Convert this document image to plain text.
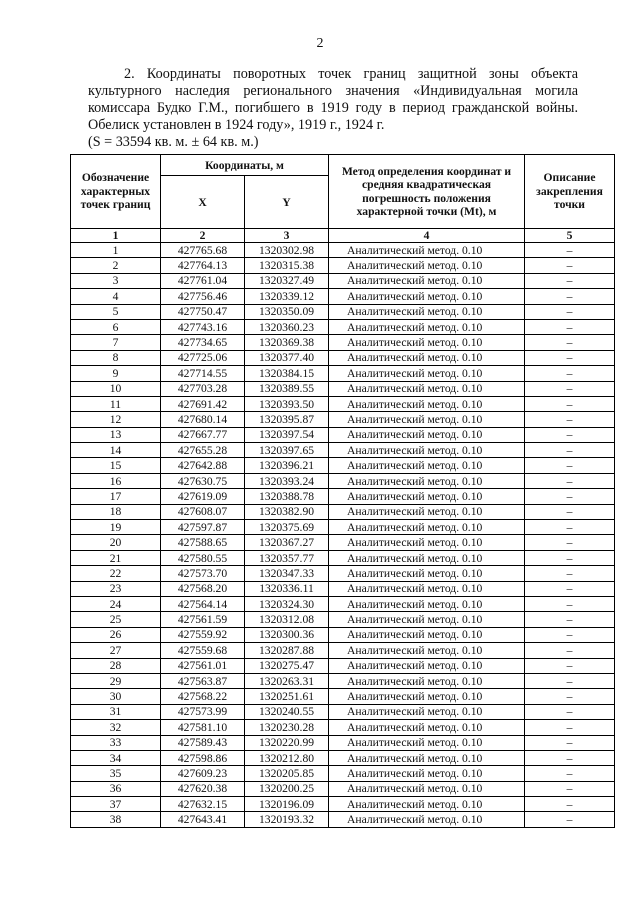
2
2. Координаты поворотных точек границ защитной зоны объекта культурного наследия регионального значения «Индивидуальная могила комиссара Будко Г.М., погибшего в 1919 году в период гражданской войны. Обелиск установлен в 1924 году», 1919 г., 1924 г.
(S = 33594 кв. м. ± 64 кв. м.)
Обозначение характерных точек границ	Координаты, м		Метод определения координат и средняя квадратическая погрешность положения характерной точки (Mt), м	Описание закрепления точки
	X	Y		
1	2	3	4	5
1	427765.68	1320302.98	Аналитический метод. 0.10	–
2	427764.13	1320315.38	Аналитический метод. 0.10	–
3	427761.04	1320327.49	Аналитический метод. 0.10	–
4	427756.46	1320339.12	Аналитический метод. 0.10	–
5	427750.47	1320350.09	Аналитический метод. 0.10	–
6	427743.16	1320360.23	Аналитический метод. 0.10	–
7	427734.65	1320369.38	Аналитический метод. 0.10	–
8	427725.06	1320377.40	Аналитический метод. 0.10	–
9	427714.55	1320384.15	Аналитический метод. 0.10	–
10	427703.28	1320389.55	Аналитический метод. 0.10	–
11	427691.42	1320393.50	Аналитический метод. 0.10	–
12	427680.14	1320395.87	Аналитический метод. 0.10	–
13	427667.77	1320397.54	Аналитический метод. 0.10	–
14	427655.28	1320397.65	Аналитический метод. 0.10	–
15	427642.88	1320396.21	Аналитический метод. 0.10	–
16	427630.75	1320393.24	Аналитический метод. 0.10	–
17	427619.09	1320388.78	Аналитический метод. 0.10	–
18	427608.07	1320382.90	Аналитический метод. 0.10	–
19	427597.87	1320375.69	Аналитический метод. 0.10	–
20	427588.65	1320367.27	Аналитический метод. 0.10	–
21	427580.55	1320357.77	Аналитический метод. 0.10	–
22	427573.70	1320347.33	Аналитический метод. 0.10	–
23	427568.20	1320336.11	Аналитический метод. 0.10	–
24	427564.14	1320324.30	Аналитический метод. 0.10	–
25	427561.59	1320312.08	Аналитический метод. 0.10	–
26	427559.92	1320300.36	Аналитический метод. 0.10	–
27	427559.68	1320287.88	Аналитический метод. 0.10	–
28	427561.01	1320275.47	Аналитический метод. 0.10	–
29	427563.87	1320263.31	Аналитический метод. 0.10	–
30	427568.22	1320251.61	Аналитический метод. 0.10	–
31	427573.99	1320240.55	Аналитический метод. 0.10	–
32	427581.10	1320230.28	Аналитический метод. 0.10	–
33	427589.43	1320220.99	Аналитический метод. 0.10	–
34	427598.86	1320212.80	Аналитический метод. 0.10	–
35	427609.23	1320205.85	Аналитический метод. 0.10	–
36	427620.38	1320200.25	Аналитический метод. 0.10	–
37	427632.15	1320196.09	Аналитический метод. 0.10	–
38	427643.41	1320193.32	Аналитический метод. 0.10	–
